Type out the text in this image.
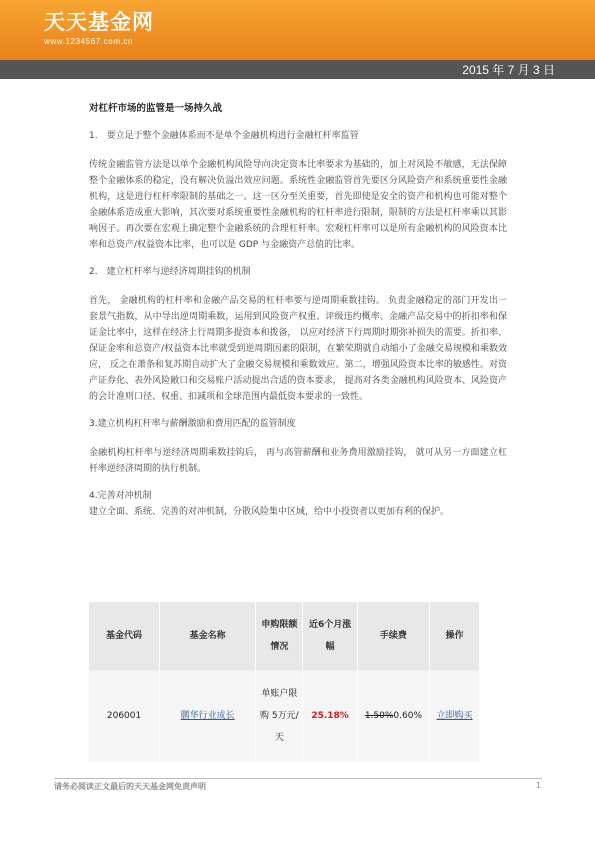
天天基金网
www.1234567.com.cn
2015 年 7 月 3 日

对杠杆市场的监管是一场持久战

1.　要立足于整个金融体系而不是单个金融机构进行金融杠杆率监管

传统金融监管方法是以单个金融机构风险导向决定资本比率要求为基础的，加上对风险不敏感，无法保障整个金融体系的稳定，没有解决负溢出效应问题。系统性金融监管首先要区分风险资产和系统重要性金融机构，这是进行杠杆率限制的基础之一。这一区分至关重要，首先即使是安全的资产和机构也可能对整个金融体系造成重大影响，其次要对系统重要性金融机构的杠杆率进行限制，限制的方法是杠杆率乘以其影响因子。再次要在宏观上确定整个金融系统的合理杠杆率。宏观杠杆率可以是所有金融机构的风险资本比率和总资产/权益资本比率，也可以是 GDP 与金融资产总值的比率。

2.　建立杠杆率与逆经济周期挂钩的机制

首先， 金融机构的杠杆率和金融产品交易的杠杆率要与逆周期乘数挂钩。 负责金融稳定的部门开发出一套景气指数，从中导出逆周期乘数，运用到风险资产权重、评级违约概率、金融产品交易中的折扣率和保证金比率中，这样在经济上行周期多提资本和拨备， 以应对经济下行周期时期弥补损失的需要。折扣率、保证金率和总资产/权益资本比率就受到逆周期因素的限制，在繁荣期就自动缩小了金融交易规模和乘数效应， 反之在萧条和复苏期自动扩大了金融交易规模和乘数效应。第二，增强风险资本比率的敏感性。对资产证券化、表外风险敞口和交易账户活动提出合适的资本要求， 提高对各类金融机构风险资本、风险资产的会计准则口径、权重、扣减项和全球范围内最低资本要求的一致性。

3.建立机构杠杆率与薪酬激励和费用匹配的监管制度

金融机构杠杆率与逆经济周期乘数挂钩后， 再与高管薪酬和业务费用激励挂钩， 就可从另一方面建立杠杆率逆经济周期的执行机制。

4.完善对冲机制

建立全面、系统、完善的对冲机制，分散风险集中区域，给中小投资者以更加有利的保护。

基金代码	基金名称	申购限额情况	近6个月涨幅	手续费	操作
206001	鹏华行业成长	单账户限购 5万元/天	25.18%	1.50%0.60%	立即购买
请务必阅读正文最后的天天基金网免责声明	1
